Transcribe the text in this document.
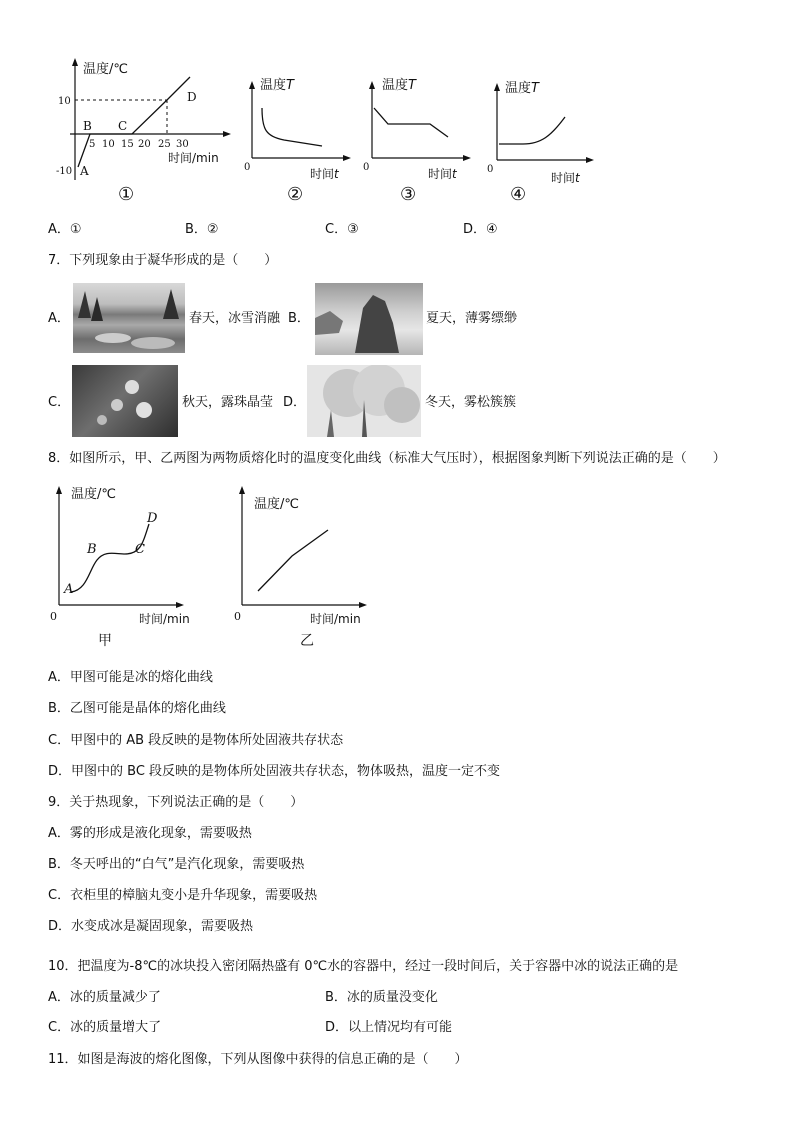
温度/℃
10
-10 A
B C
D
5 10 15 20 25 30
时间/min
①
温度T
0	时间t
②
温度T
0	时间t
③
温度T
0
时间t
④
A．①	B．②	C．③	D．④
7．下列现象由于凝华形成的是（　　）
A．	春天，冰雪消融 B．	夏天，薄雾缥缈
C．	秋天，露珠晶莹 D．	冬天，雾松簇簇
8．如图所示，甲、乙两图为两物质熔化时的温度变化曲线（标准大气压时），根据图象判断下列说法正确的是（　　）
温度/℃
0
A
B	C
D
时间/min
甲
温度/℃
0	时间/min
乙
A．甲图可能是冰的熔化曲线
B．乙图可能是晶体的熔化曲线
C．甲图中的 AB 段反映的是物体所处固液共存状态
D．甲图中的 BC 段反映的是物体所处固液共存状态，物体吸热，温度一定不变
9．关于热现象，下列说法正确的是（　　）
A．雾的形成是液化现象，需要吸热
B．冬天呼出的“白气”是汽化现象，需要吸热
C．衣柜里的樟脑丸变小是升华现象，需要吸热
D．水变成冰是凝固现象，需要吸热
10．把温度为-8℃的冰块投入密闭隔热盛有 0℃水的容器中，经过一段时间后，关于容器中冰的说法正确的是
A．冰的质量减少了	B．冰的质量没变化
C．冰的质量增大了	D．以上情况均有可能
11．如图是海波的熔化图像，下列从图像中获得的信息正确的是（　　）
